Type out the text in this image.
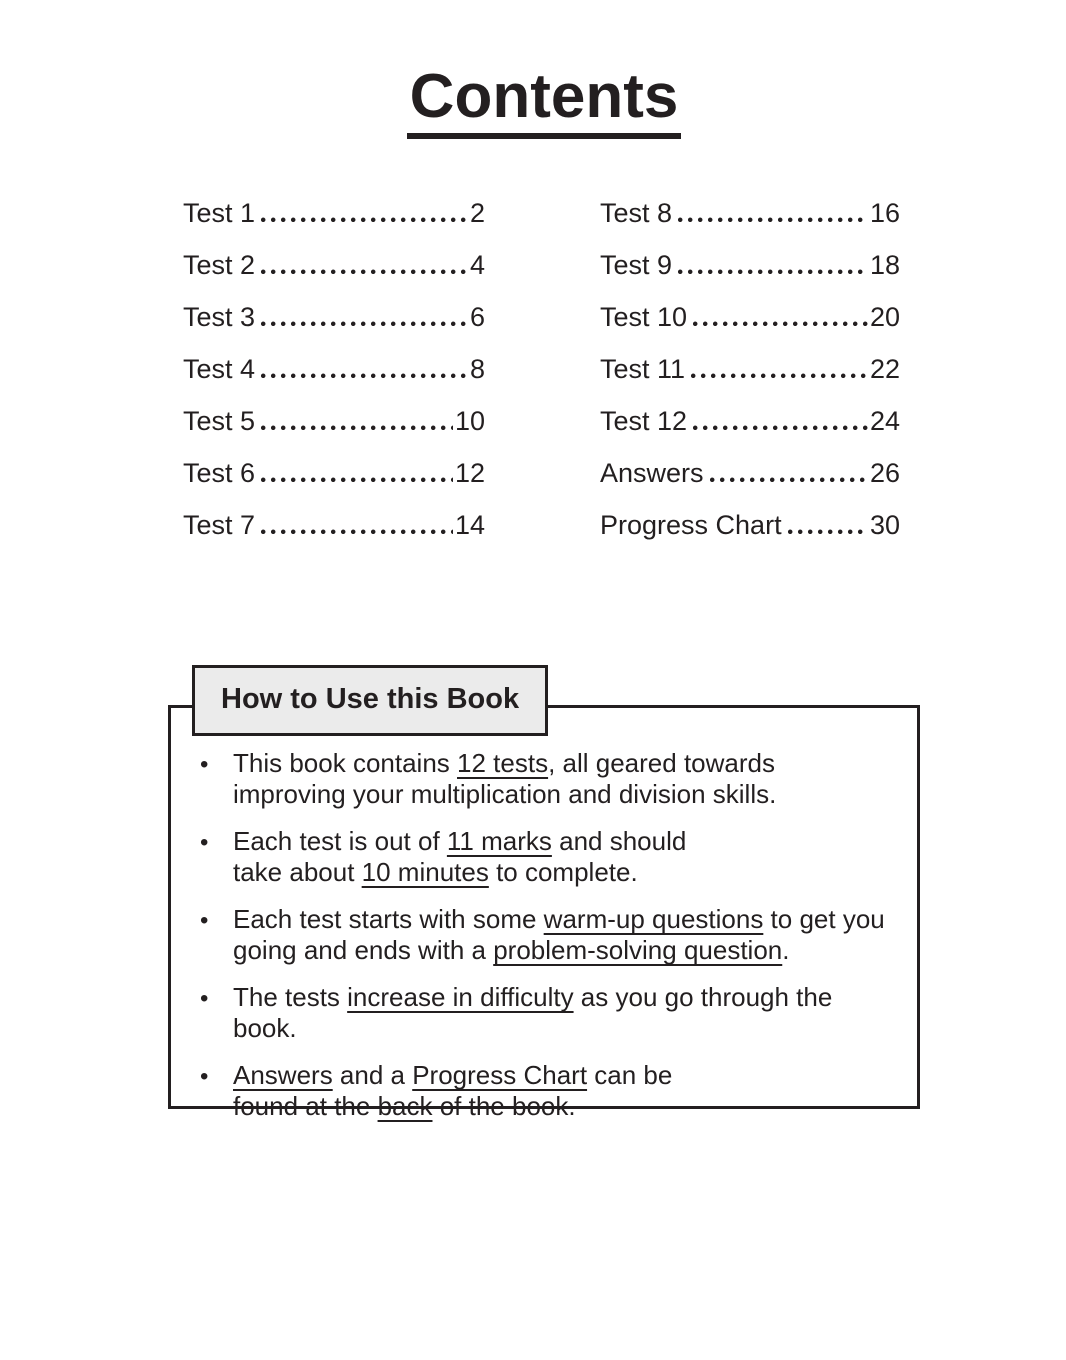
Contents
Test 1	2
Test 2	4
Test 3	6
Test 4	8
Test 5	10
Test 6	12
Test 7	14
Test 8	16
Test 9	18
Test 10	20
Test 11	22
Test 12	24
Answers	26
Progress Chart	30
How to Use this Book
•
This book contains 12 tests, all geared towards
improving your multiplication and division skills.
•
Each test is out of 11 marks and should
take about 10 minutes to complete.
•
Each test starts with some warm-up questions to get you
going and ends with a problem-solving question.
•
The tests increase in difficulty as you go through the book.
•
Answers and a Progress Chart can be
found at the back of the book.
